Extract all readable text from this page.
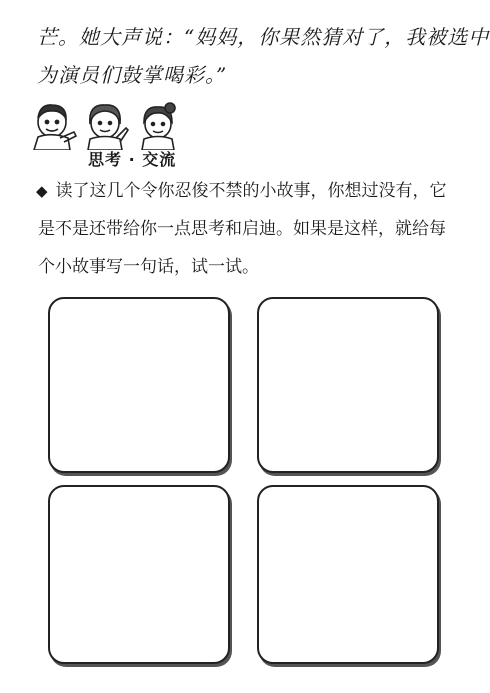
芒。她大声说：“妈妈，你果然猜对了，我被选中
为演员们鼓掌喝彩。”
思考 · 交流
◆ 读了这几个令你忍俊不禁的小故事，你想过没有，它
是不是还带给你一点思考和启迪。如果是这样，就给每
个小故事写一句话，试一试。
